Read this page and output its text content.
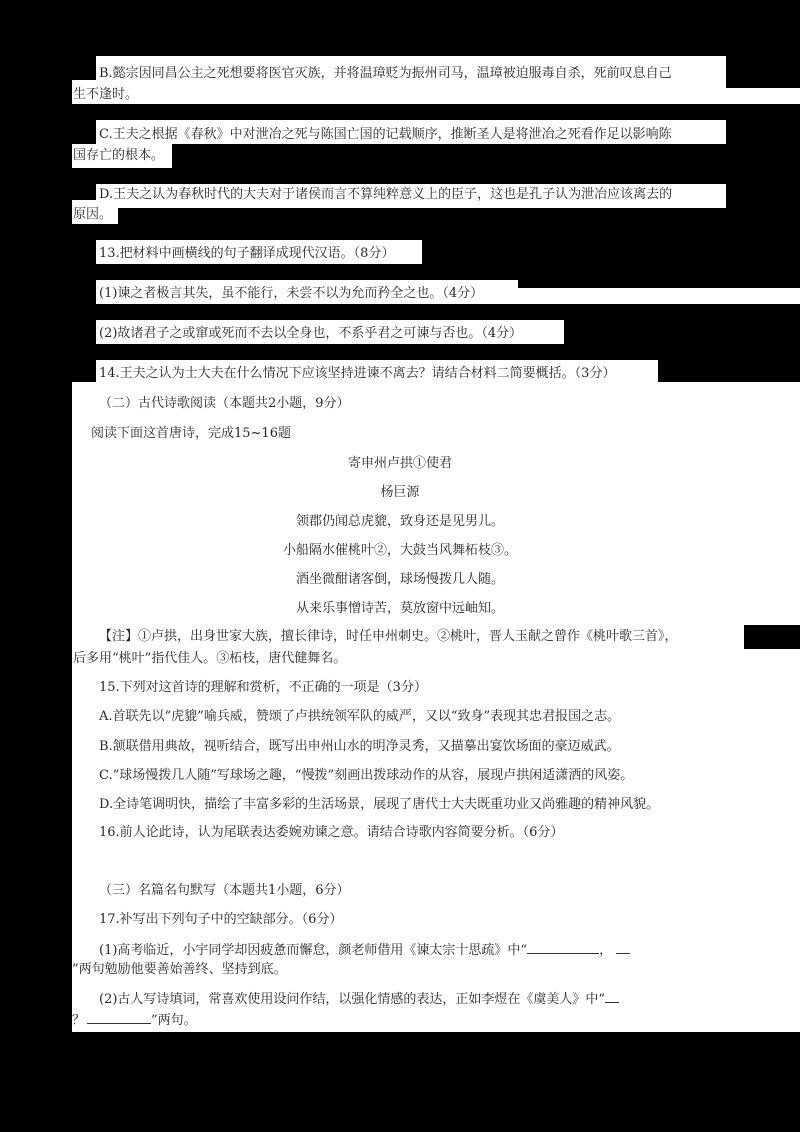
B.懿宗因同昌公主之死想要将医官灭族，并将温璋贬为振州司马，温璋被迫服毒自杀，死前叹息自己
生不逢时。
C.王夫之根据《春秋》中对泄冶之死与陈国亡国的记载顺序，推断圣人是将泄冶之死看作足以影响陈
国存亡的根本。
D.王夫之认为春秋时代的大夫对于诸侯而言不算纯粹意义上的臣子，这也是孔子认为泄冶应该离去的
原因。
13.把材料中画横线的句子翻译成现代汉语。（8分）
(1)谏之者极言其失，虽不能行，未尝不以为允而矜全之也。（4分）
(2)故诸君子之或窜或死而不去以全身也，不系乎君之可谏与否也。（4分）
14.王夫之认为士大夫在什么情况下应该坚持进谏不离去？请结合材料二简要概括。（3分）
（二）古代诗歌阅读（本题共2小题，9分）
阅读下面这首唐诗，完成15~16题
寄申州卢拱①使君
杨巨源
领郡仍闻总虎貔，致身还是见男儿。
小船隔水催桃叶②，大鼓当风舞柘枝③。
酒坐微酣诸客倒，球场慢拨几人随。
从来乐事憎诗苦，莫放窗中远岫知。
【注】①卢拱，出身世家大族，擅长律诗，时任申州刺史。②桃叶，晋人玉献之曾作《桃叶歌三首》，
后多用“桃叶”指代佳人。③柘枝，唐代健舞名。
15.下列对这首诗的理解和赏析，不正确的一项是（3分）
A.首联先以“虎貔”喻兵威，赞颂了卢拱统领军队的威严，又以“致身”表现其忠君报国之志。
B.颔联借用典故，视听结合，既写出申州山水的明净灵秀，又描摹出宴饮场面的豪迈威武。
C.“球场慢拨几人随”写球场之趣，“慢拨”刻画出拨球动作的从容，展现卢拱闲适潇洒的风姿。
D.全诗笔调明快，描绘了丰富多彩的生活场景，展现了唐代士大夫既重功业又尚雅趣的精神风貌。
16.前人论此诗，认为尾联表达委婉劝谏之意。请结合诗歌内容简要分析。（6分）
（三）名篇名句默写（本题共1小题，6分）
17.补写出下列句子中的空缺部分。（6分）
(1)高考临近，小宇同学却因疲惫而懈怠，颜老师借用《谏太宗十思疏》中“	，
”两句勉励他要善始善终、坚持到底。
(2)古人写诗填词，常喜欢使用设问作结，以强化情感的表达，正如李煜在《虞美人》中“
？	”两句。
